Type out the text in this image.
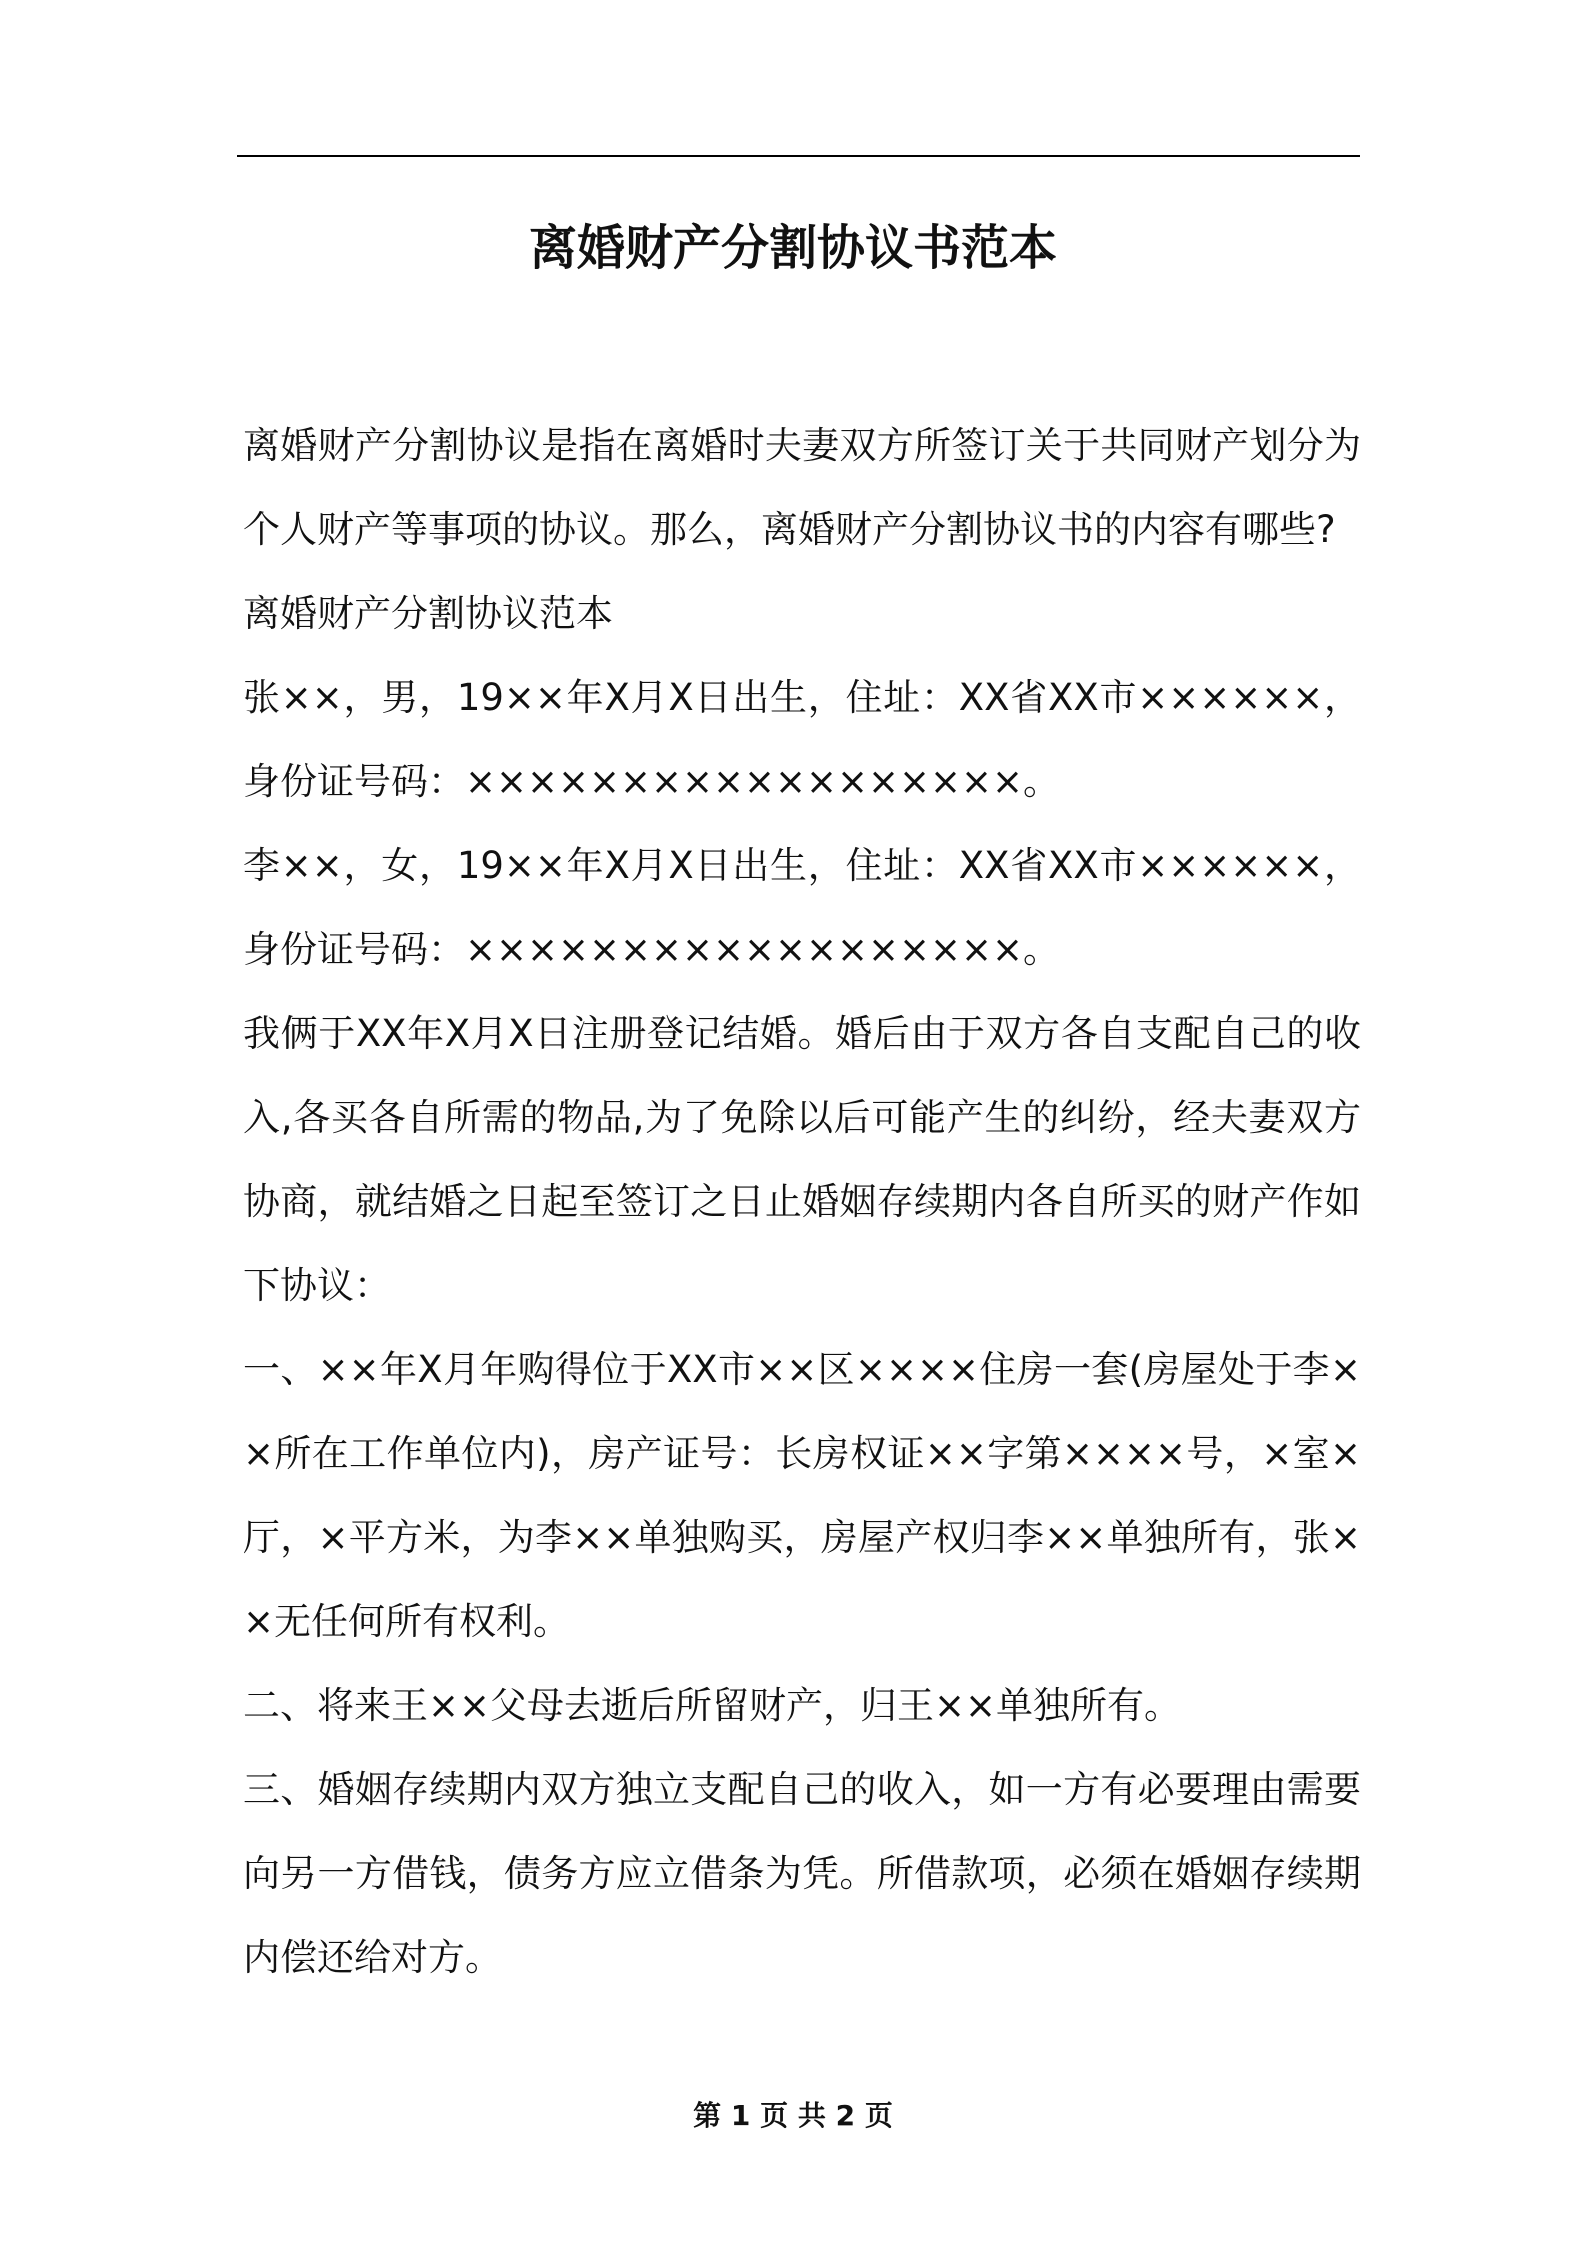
离婚财产分割协议书范本

离婚财产分割协议是指在离婚时夫妻双方所签订关于共同财产划分为个人财产等事项的协议。那么，离婚财产分割协议书的内容有哪些?

离婚财产分割协议范本

张××，男，19××年X月X日出生，住址：XX省XX市××××××，身份证号码：××××××××××××××××××。

李××，女，19××年X月X日出生，住址：XX省XX市××××××，身份证号码：××××××××××××××××××。

我俩于XX年X月X日注册登记结婚。婚后由于双方各自支配自己的收入,各买各自所需的物品,为了免除以后可能产生的纠纷，经夫妻双方协商，就结婚之日起至签订之日止婚姻存续期内各自所买的财产作如下协议：

一、××年X月年购得位于XX市××区××××住房一套(房屋处于李××所在工作单位内)，房产证号：长房权证××字第××××号，×室×厅，×平方米，为李××单独购买，房屋产权归李××单独所有，张××无任何所有权利。

二、将来王××父母去逝后所留财产，归王××单独所有。

三、婚姻存续期内双方独立支配自己的收入，如一方有必要理由需要向另一方借钱，债务方应立借条为凭。所借款项，必须在婚姻存续期内偿还给对方。

第 1 页 共 2 页
